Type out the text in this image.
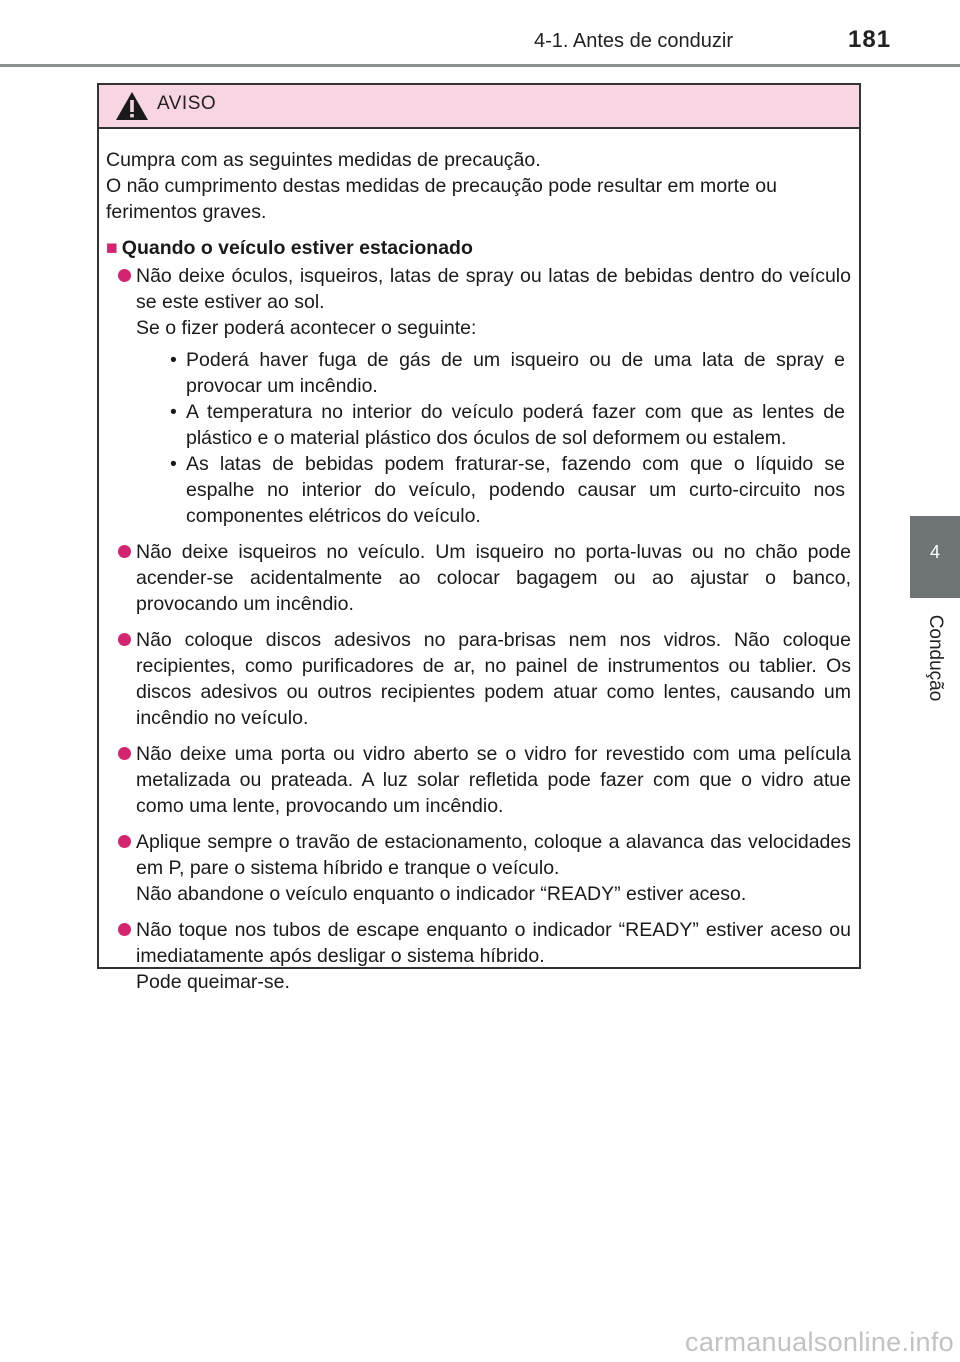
4-1. Antes de conduzir	181
4
Condução
AVISO
Cumpra com as seguintes medidas de precaução.
O não cumprimento destas medidas de precaução pode resultar em morte ou ferimentos graves.
■ Quando o veículo estiver estacionado
Não deixe óculos, isqueiros, latas de spray ou latas de bebidas dentro do veículo se este estiver ao sol.
Se o fizer poderá acontecer o seguinte:
• Poderá haver fuga de gás de um isqueiro ou de uma lata de spray e provocar um incêndio.
• A temperatura no interior do veículo poderá fazer com que as lentes de plástico e o material plástico dos óculos de sol deformem ou estalem.
• As latas de bebidas podem fraturar-se, fazendo com que o líquido se espalhe no interior do veículo, podendo causar um curto-circuito nos componentes elétricos do veículo.
Não deixe isqueiros no veículo. Um isqueiro no porta-luvas ou no chão pode acender-se acidentalmente ao colocar bagagem ou ao ajustar o banco, provocando um incêndio.
Não coloque discos adesivos no para-brisas nem nos vidros. Não coloque recipientes, como purificadores de ar, no painel de instrumentos ou tablier. Os discos adesivos ou outros recipientes podem atuar como lentes, causando um incêndio no veículo.
Não deixe uma porta ou vidro aberto se o vidro for revestido com uma película metalizada ou prateada. A luz solar refletida pode fazer com que o vidro atue como uma lente, provocando um incêndio.
Aplique sempre o travão de estacionamento, coloque a alavanca das velocidades em P, pare o sistema híbrido e tranque o veículo.
Não abandone o veículo enquanto o indicador “READY” estiver aceso.
Não toque nos tubos de escape enquanto o indicador “READY” estiver aceso ou imediatamente após desligar o sistema híbrido.
Pode queimar-se.
carmanualsonline.info
